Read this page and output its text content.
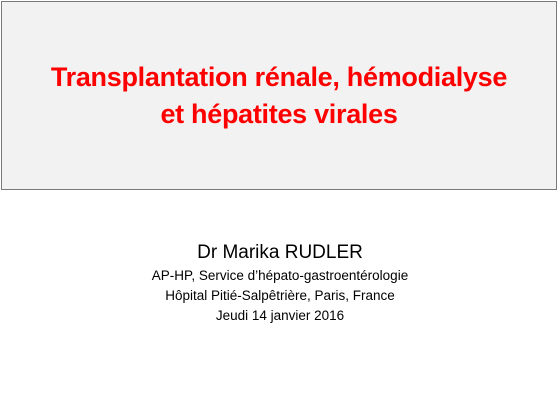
Transplantation rénale, hémodialyse
et hépatites virales
Dr Marika RUDLER
AP-HP, Service d’hépato-gastroentérologie
Hôpital Pitié-Salpêtrière, Paris, France
Jeudi 14 janvier 2016
